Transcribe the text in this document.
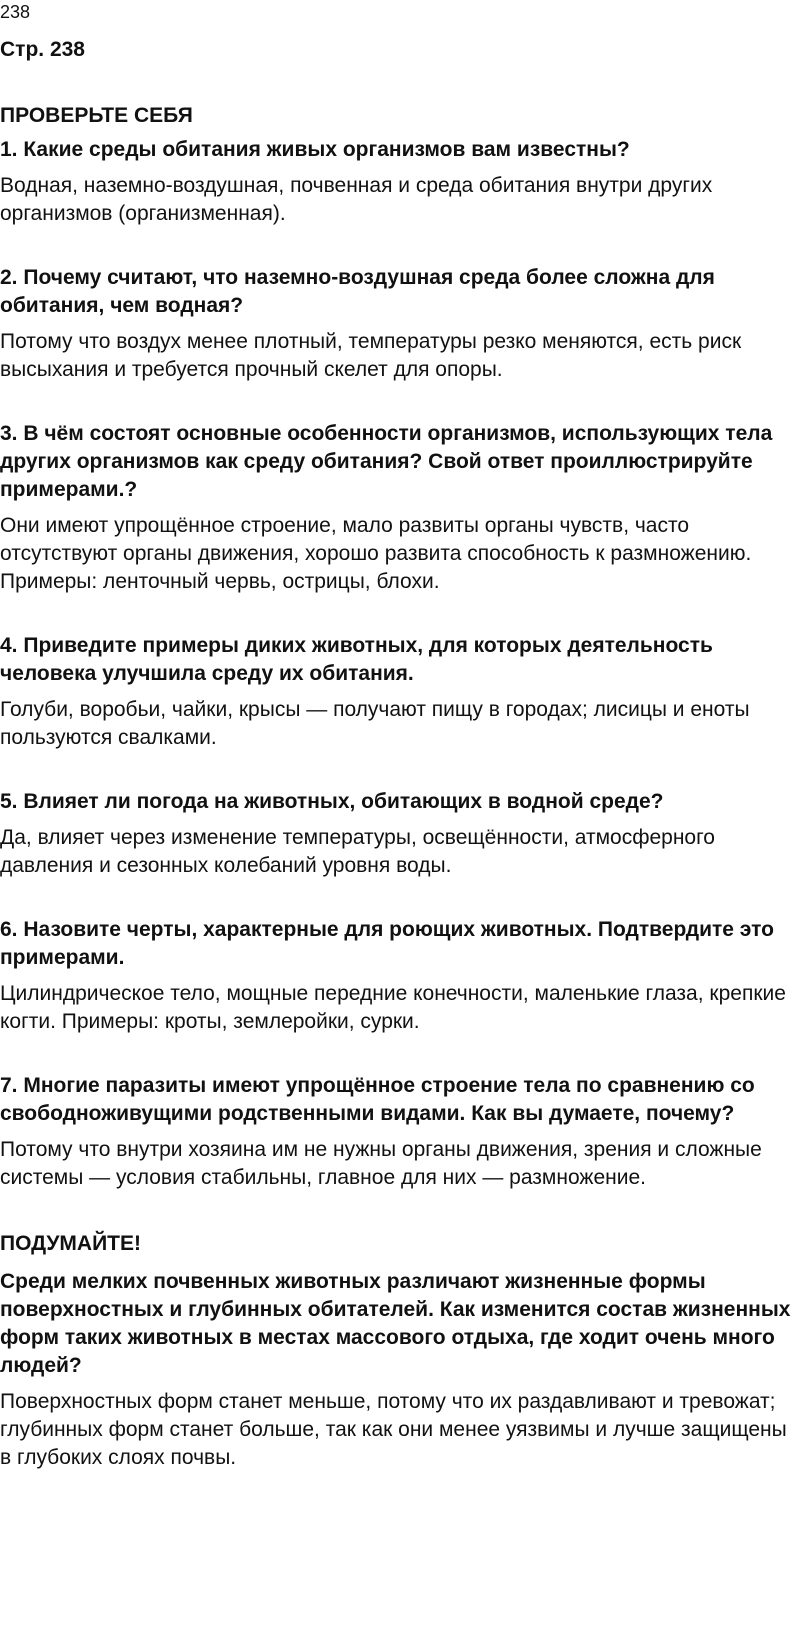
238
Стр. 238
ПРОВЕРЬТЕ СЕБЯ
1. Какие среды обитания живых организмов вам известны?
Водная, наземно-воздушная, почвенная и среда обитания внутри других организмов (организменная).
2. Почему считают, что наземно-воздушная среда более сложна для обитания, чем водная?
Потому что воздух менее плотный, температуры резко меняются, есть риск высыхания и требуется прочный скелет для опоры.
3. В чём состоят основные особенности организмов, использующих тела других организмов как среду обитания? Свой ответ проиллюстрируйте примерами.?
Они имеют упрощённое строение, мало развиты органы чувств, часто отсутствуют органы движения, хорошо развита способность к размножению. Примеры: ленточный червь, острицы, блохи.
4. Приведите примеры диких животных, для которых деятельность человека улучшила среду их обитания.
Голуби, воробьи, чайки, крысы — получают пищу в городах; лисицы и еноты пользуются свалками.
5. Влияет ли погода на животных, обитающих в водной среде?
Да, влияет через изменение температуры, освещённости, атмосферного давления и сезонных колебаний уровня воды.
6. Назовите черты, характерные для роющих животных. Подтвердите это примерами.
Цилиндрическое тело, мощные передние конечности, маленькие глаза, крепкие когти. Примеры: кроты, землеройки, сурки.
7. Многие паразиты имеют упрощённое строение тела по сравнению со свободноживущими родственными видами. Как вы думаете, почему?
Потому что внутри хозяина им не нужны органы движения, зрения и сложные системы — условия стабильны, главное для них — размножение.
ПОДУМАЙТЕ!
Среди мелких почвенных животных различают жизненные формы поверхностных и глубинных обитателей. Как изменится состав жизненных форм таких животных в местах массового отдыха, где ходит очень много людей?
Поверхностных форм станет меньше, потому что их раздавливают и тревожат; глубинных форм станет больше, так как они менее уязвимы и лучше защищены в глубоких слоях почвы.
